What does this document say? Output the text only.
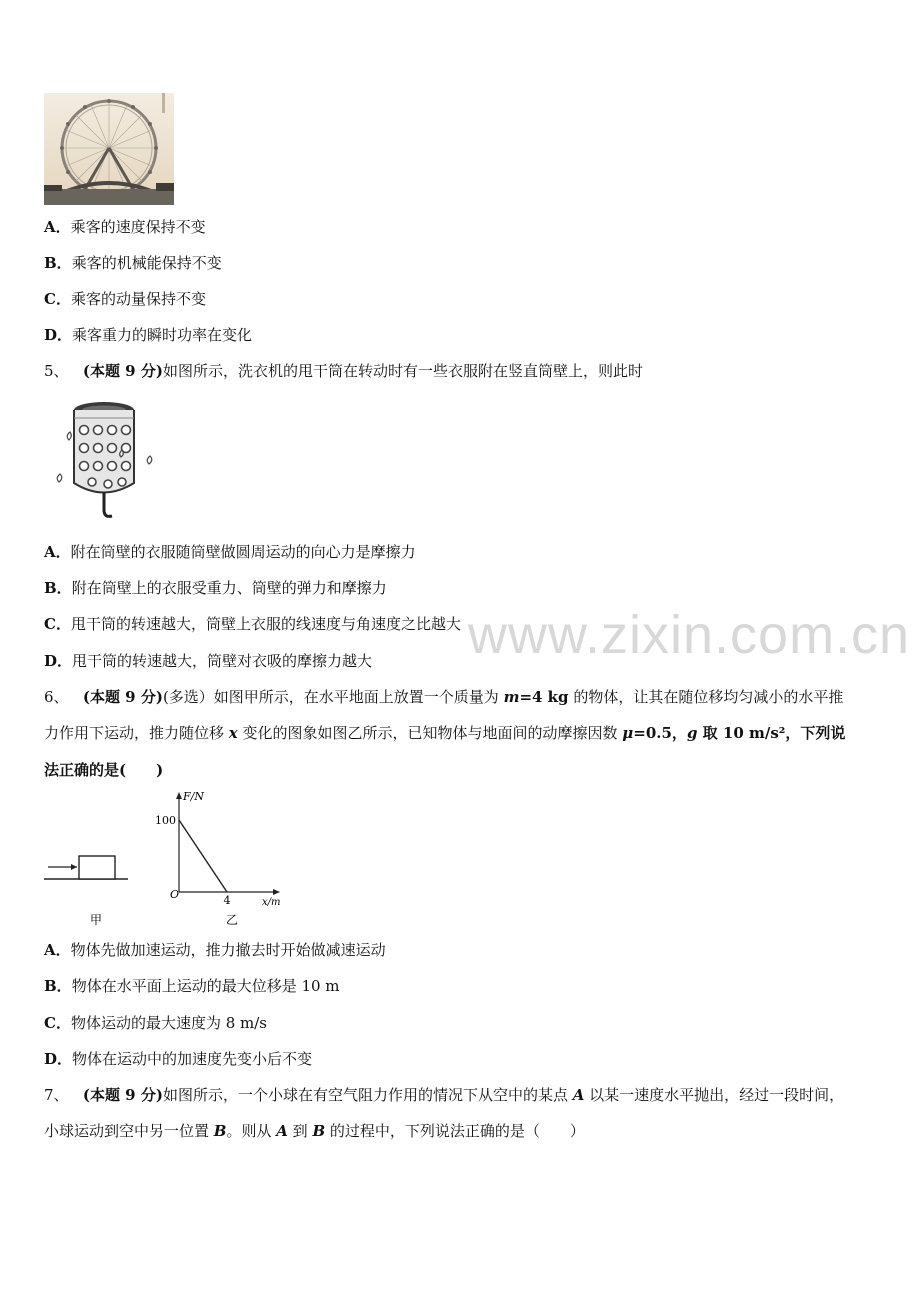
A．乘客的速度保持不变
B．乘客的机械能保持不变
C．乘客的动量保持不变
D．乘客重力的瞬时功率在变化
5、 (本题 9 分)如图所示，洗衣机的甩干筒在转动时有一些衣服附在竖直筒壁上，则此时
A．附在筒壁的衣服随筒壁做圆周运动的向心力是摩擦力
B．附在筒壁上的衣服受重力、筒壁的弹力和摩擦力
C．甩干筒的转速越大，筒壁上衣服的线速度与角速度之比越大
D．甩干筒的转速越大，筒壁对衣吸的摩擦力越大 www.zixin.com.cn
6、 (本题 9 分)(多选）如图甲所示，在水平地面上放置一个质量为 m=4 kg 的物体，让其在随位移均匀减小的水平推
力作用下运动，推力随位移 x 变化的图象如图乙所示，已知物体与地面间的动摩擦因数 μ=0.5，g 取 10 m/s²，下列说
法正确的是(　　)
甲
F/N
x/m
O
100
4
乙
A．物体先做加速运动，推力撤去时开始做减速运动
B．物体在水平面上运动的最大位移是 10 m
C．物体运动的最大速度为 8 m/s
D．物体在运动中的加速度先变小后不变
7、 (本题 9 分)如图所示，一个小球在有空气阻力作用的情况下从空中的某点 A 以某一速度水平抛出，经过一段时间，
小球运动到空中另一位置 B。则从 A 到 B 的过程中，下列说法正确的是（　　）
